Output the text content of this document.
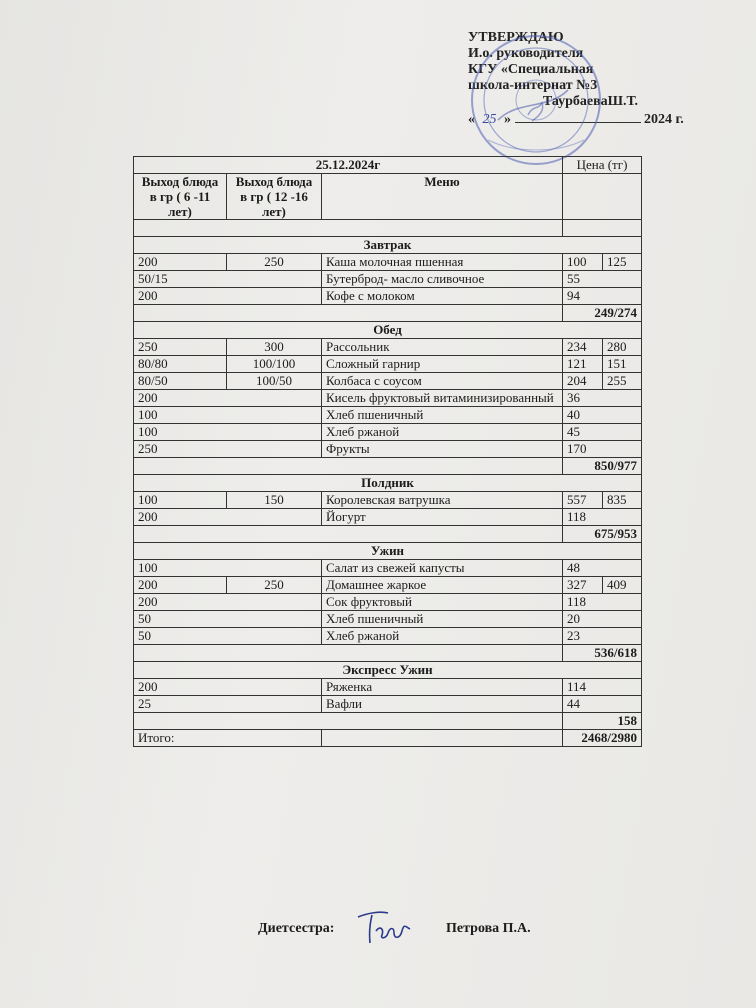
УТВЕРЖДАЮ
И.о. руководителя
КГУ «Специальная
школа-интернат №3
ТаурбаеваШ.Т.
« 25 »	2024 г.
25.12.2024г			Цена (тг)	
Выход блюда в гр ( 6 -11 лет)	Выход блюда в гр ( 12 -16 лет)	Меню		

Завтрак				
200	250	Каша молочная пшенная	100	125
50/15		Бутерброд- масло сливочное	55	
200		Кофе с молоком	94	
			249/274	
Обед				
250	300	Рассольник	234	280
80/80	100/100	Сложный гарнир	121	151
80/50	100/50	Колбаса с соусом	204	255
200		Кисель фруктовый витаминизированный	36	
100		Хлеб пшеничный	40	
100		Хлеб ржаной	45	
250		Фрукты	170	
			850/977	
Полдник				
100	150	Королевская ватрушка	557	835
200		Йогурт	118	
			675/953	
Ужин				
100		Салат из свежей капусты	48	
200	250	Домашнее жаркое	327	409
200		Сок фруктовый	118	
50		Хлеб пшеничный	20	
50		Хлеб ржаной	23	
			536/618	
Экспресс Ужин				
200		Ряженка	114	
25		Вафли	44	
			158	
Итого:			2468/2980	
Диетсестра:	Петрова П.А.
